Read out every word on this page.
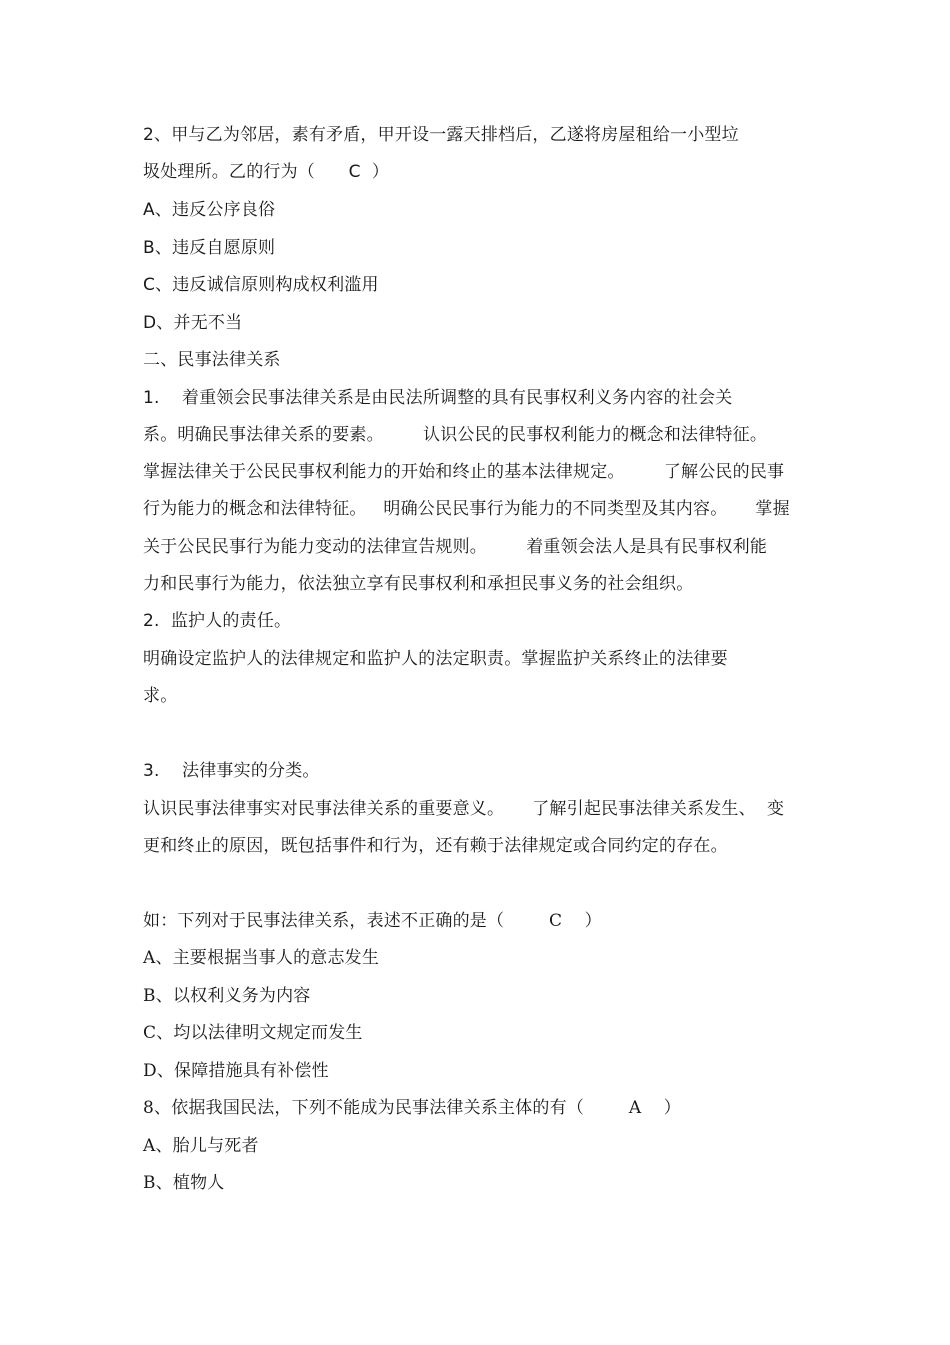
2、甲与乙为邻居，素有矛盾，甲开设一露天排档后，乙遂将房屋租给一小型垃
圾处理所。乙的行为（      C  ）
A、违反公序良俗
B、违反自愿原则
C、违反诚信原则构成权利滥用
D、并无不当
二、民事法律关系
1.    着重领会民事法律关系是由民法所调整的具有民事权利义务内容的社会关
系。明确民事法律关系的要素。       认识公民的民事权利能力的概念和法律特征。
掌握法律关于公民民事权利能力的开始和终止的基本法律规定。       了解公民的民事
行为能力的概念和法律特征。   明确公民民事行为能力的不同类型及其内容。     掌握
关于公民民事行为能力变动的法律宣告规则。       着重领会法人是具有民事权利能
力和民事行为能力，依法独立享有民事权利和承担民事义务的社会组织。
2.  监护人的责任。
明确设定监护人的法律规定和监护人的法定职责。掌握监护关系终止的法律要
求。
3.    法律事实的分类。
认识民事法律事实对民事法律关系的重要意义。     了解引起民事法律关系发生、  变
更和终止的原因，既包括事件和行为，还有赖于法律规定或合同约定的存在。
如：下列对于民事法律关系，表述不正确的是（        C    ）
A、主要根据当事人的意志发生
B、以权利义务为内容
C、均以法律明文规定而发生
D、保障措施具有补偿性
8、依据我国民法，下列不能成为民事法律关系主体的有（        A    ）
A、胎儿与死者
B、植物人
